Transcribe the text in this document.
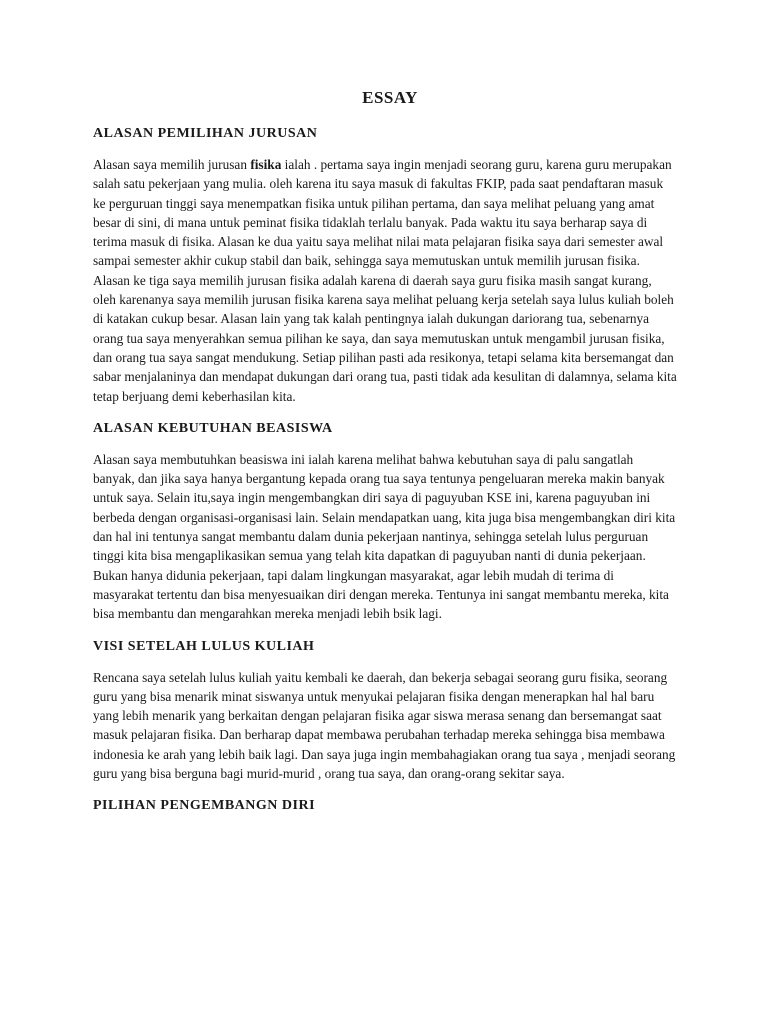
ESSAY
ALASAN PEMILIHAN JURUSAN

Alasan saya memilih jurusan fisika ialah . pertama saya ingin menjadi seorang guru, karena guru merupakan salah satu pekerjaan yang mulia. oleh karena itu saya masuk di fakultas FKIP, pada saat pendaftaran masuk ke perguruan tinggi saya menempatkan fisika untuk pilihan pertama, dan saya melihat peluang yang amat besar di sini, di mana untuk peminat fisika tidaklah terlalu banyak. Pada waktu itu saya berharap saya di terima masuk di fisika. Alasan ke dua yaitu saya melihat nilai mata pelajaran fisika saya dari semester awal sampai semester akhir cukup stabil dan baik, sehingga saya memutuskan untuk memilih jurusan fisika. Alasan ke tiga saya memilih jurusan fisika adalah karena di daerah saya guru fisika masih sangat kurang, oleh karenanya saya memilih jurusan fisika karena saya melihat peluang kerja setelah saya lulus kuliah boleh di katakan cukup besar. Alasan lain yang tak kalah pentingnya ialah dukungan dariorang tua, sebenarnya orang tua saya menyerahkan semua pilihan ke saya, dan saya memutuskan untuk mengambil jurusan fisika, dan orang tua saya sangat mendukung. Setiap pilihan pasti ada resikonya, tetapi selama kita bersemangat dan sabar menjalaninya dan mendapat dukungan dari orang tua, pasti tidak ada kesulitan di dalamnya, selama kita tetap berjuang demi keberhasilan kita.

ALASAN KEBUTUHAN BEASISWA

Alasan saya membutuhkan beasiswa ini ialah karena melihat bahwa kebutuhan saya di palu sangatlah banyak, dan jika saya hanya bergantung kepada orang tua saya tentunya pengeluaran mereka makin banyak untuk saya. Selain itu,saya ingin mengembangkan diri saya di paguyuban KSE ini, karena paguyuban ini berbeda dengan organisasi-organisasi lain. Selain mendapatkan uang, kita juga bisa mengembangkan diri kita dan hal ini tentunya sangat membantu dalam dunia pekerjaan nantinya, sehingga setelah lulus perguruan tinggi kita bisa mengaplikasikan semua yang telah kita dapatkan di paguyuban nanti di dunia pekerjaan. Bukan hanya didunia pekerjaan, tapi dalam lingkungan masyarakat, agar lebih mudah di terima di masyarakat tertentu dan bisa menyesuaikan diri dengan mereka. Tentunya ini sangat membantu mereka, kita bisa membantu dan mengarahkan mereka menjadi lebih bsik lagi.

VISI SETELAH LULUS KULIAH

Rencana saya setelah lulus kuliah yaitu kembali ke daerah, dan bekerja sebagai seorang guru fisika, seorang guru yang bisa menarik minat siswanya untuk menyukai pelajaran fisika dengan menerapkan hal hal baru yang lebih menarik yang berkaitan dengan pelajaran fisika agar siswa merasa senang dan bersemangat saat masuk pelajaran fisika. Dan berharap dapat membawa perubahan terhadap mereka sehingga bisa membawa indonesia ke arah yang lebih baik lagi. Dan saya juga ingin membahagiakan orang tua saya , menjadi seorang guru yang bisa berguna bagi murid-murid , orang tua saya, dan orang-orang sekitar saya.

PILIHAN PENGEMBANGN DIRI
